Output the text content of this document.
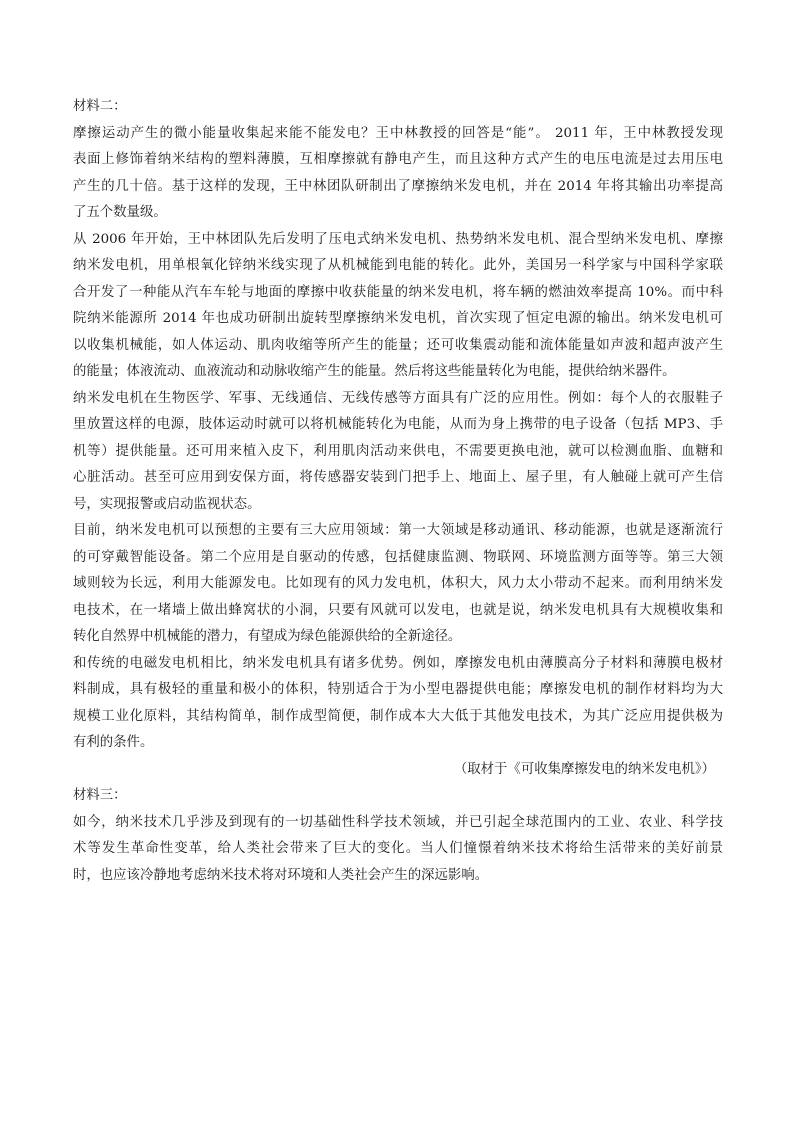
材料二：
摩擦运动产生的微小能量收集起来能不能发电？王中林教授的回答是“能”。 2011 年，王中林教授发现
表面上修饰着纳米结构的塑料薄膜，互相摩擦就有静电产生，而且这种方式产生的电压电流是过去用压电
产生的几十倍。基于这样的发现，王中林团队研制出了摩擦纳米发电机，并在 2014 年将其输出功率提高
了五个数量级。
从 2006 年开始，王中林团队先后发明了压电式纳米发电机、热势纳米发电机、混合型纳米发电机、摩擦
纳米发电机，用单根氧化锌纳米线实现了从机械能到电能的转化。此外，美国另一科学家与中国科学家联
合开发了一种能从汽车车轮与地面的摩擦中收获能量的纳米发电机，将车辆的燃油效率提高 10%。而中科
院纳米能源所 2014 年也成功研制出旋转型摩擦纳米发电机，首次实现了恒定电源的输出。纳米发电机可
以收集机械能，如人体运动、肌肉收缩等所产生的能量；还可收集震动能和流体能量如声波和超声波产生
的能量；体液流动、血液流动和动脉收缩产生的能量。然后将这些能量转化为电能，提供给纳米器件。
纳米发电机在生物医学、军事、无线通信、无线传感等方面具有广泛的应用性。例如：每个人的衣服鞋子
里放置这样的电源，肢体运动时就可以将机械能转化为电能，从而为身上携带的电子设备（包括 MP3、手
机等）提供能量。还可用来植入皮下，利用肌肉活动来供电，不需要更换电池，就可以检测血脂、血糖和
心脏活动。甚至可应用到安保方面，将传感器安装到门把手上、地面上、屋子里，有人触碰上就可产生信
号，实现报警或启动监视状态。
目前，纳米发电机可以预想的主要有三大应用领域：第一大领域是移动通讯、移动能源，也就是逐渐流行
的可穿戴智能设备。第二个应用是自驱动的传感，包括健康监测、物联网、环境监测方面等等。第三大领
域则较为长远，利用大能源发电。比如现有的风力发电机，体积大，风力太小带动不起来。而利用纳米发
电技术，在一堵墙上做出蜂窝状的小洞，只要有风就可以发电，也就是说，纳米发电机具有大规模收集和
转化自然界中机械能的潜力，有望成为绿色能源供给的全新途径。
和传统的电磁发电机相比，纳米发电机具有诸多优势。例如，摩擦发电机由薄膜高分子材料和薄膜电极材
料制成，具有极轻的重量和极小的体积，特别适合于为小型电器提供电能；摩擦发电机的制作材料均为大
规模工业化原料，其结构简单，制作成型简便，制作成本大大低于其他发电技术，为其广泛应用提供极为
有利的条件。
（取材于《可收集摩擦发电的纳米发电机》）
材料三：
如今，纳米技术几乎涉及到现有的一切基础性科学技术领域，并已引起全球范围内的工业、农业、科学技
术等发生革命性变革，给人类社会带来了巨大的变化。当人们憧憬着纳米技术将给生活带来的美好前景
时，也应该冷静地考虑纳米技术将对环境和人类社会产生的深远影响。
